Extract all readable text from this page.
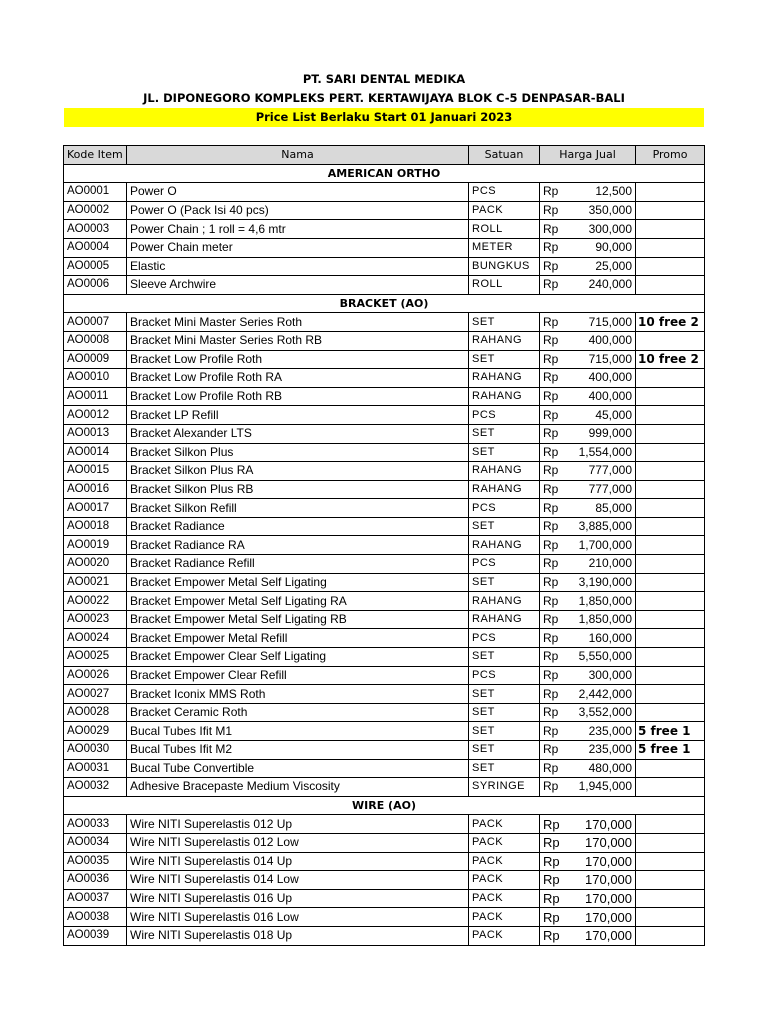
PT. SARI DENTAL MEDIKA
JL. DIPONEGORO KOMPLEKS PERT. KERTAWIJAYA BLOK C-5 DENPASAR-BALI
Price List Berlaku Start 01 Januari 2023
Kode Item	Nama	Satuan	Harga Jual		Promo
AMERICAN ORTHO					
AO0001	Power O	PCS	Rp	12,500	
AO0002	Power O (Pack Isi 40 pcs)	PACK	Rp	350,000	
AO0003	Power Chain ; 1 roll = 4,6 mtr	ROLL	Rp	300,000	
AO0004	Power Chain meter	METER	Rp	90,000	
AO0005	Elastic	BUNGKUS	Rp	25,000	
AO0006	Sleeve Archwire	ROLL	Rp	240,000	
BRACKET (AO)					
AO0007	Bracket Mini Master Series Roth	SET	Rp	715,000	10 free 2
AO0008	Bracket Mini Master Series Roth RB	RAHANG	Rp	400,000	
AO0009	Bracket Low Profile Roth	SET	Rp	715,000	10 free 2
AO0010	Bracket Low Profile Roth RA	RAHANG	Rp	400,000	
AO0011	Bracket Low Profile Roth RB	RAHANG	Rp	400,000	
AO0012	Bracket LP Refill	PCS	Rp	45,000	
AO0013	Bracket Alexander LTS	SET	Rp	999,000	
AO0014	Bracket Silkon Plus	SET	Rp	1,554,000	
AO0015	Bracket Silkon Plus RA	RAHANG	Rp	777,000	
AO0016	Bracket Silkon Plus RB	RAHANG	Rp	777,000	
AO0017	Bracket Silkon Refill	PCS	Rp	85,000	
AO0018	Bracket Radiance	SET	Rp	3,885,000	
AO0019	Bracket Radiance RA	RAHANG	Rp	1,700,000	
AO0020	Bracket Radiance Refill	PCS	Rp	210,000	
AO0021	Bracket Empower Metal Self Ligating	SET	Rp	3,190,000	
AO0022	Bracket Empower Metal Self Ligating RA	RAHANG	Rp	1,850,000	
AO0023	Bracket Empower Metal Self Ligating RB	RAHANG	Rp	1,850,000	
AO0024	Bracket Empower Metal Refill	PCS	Rp	160,000	
AO0025	Bracket Empower Clear Self Ligating	SET	Rp	5,550,000	
AO0026	Bracket Empower Clear Refill	PCS	Rp	300,000	
AO0027	Bracket Iconix MMS Roth	SET	Rp	2,442,000	
AO0028	Bracket Ceramic Roth	SET	Rp	3,552,000	
AO0029	Bucal Tubes Ifit M1	SET	Rp	235,000	5 free 1
AO0030	Bucal Tubes Ifit M2	SET	Rp	235,000	5 free 1
AO0031	Bucal Tube Convertible	SET	Rp	480,000	
AO0032	Adhesive Bracepaste Medium Viscosity	SYRINGE	Rp	1,945,000	
WIRE (AO)					
AO0033	Wire NITI Superelastis 012 Up	PACK	Rp	170,000	
AO0034	Wire NITI Superelastis 012 Low	PACK	Rp	170,000	
AO0035	Wire NITI Superelastis 014 Up	PACK	Rp	170,000	
AO0036	Wire NITI Superelastis 014 Low	PACK	Rp	170,000	
AO0037	Wire NITI Superelastis 016 Up	PACK	Rp	170,000	
AO0038	Wire NITI Superelastis 016 Low	PACK	Rp	170,000	
AO0039	Wire NITI Superelastis 018 Up	PACK	Rp	170,000	
